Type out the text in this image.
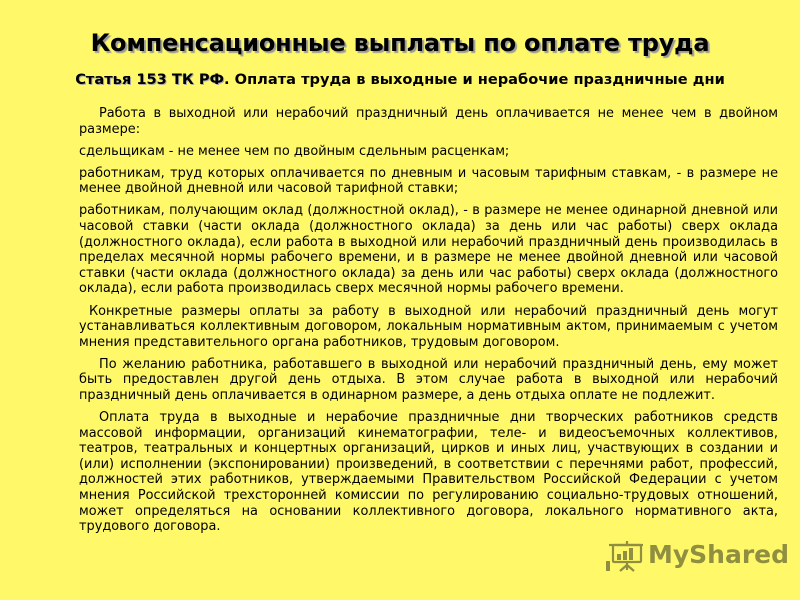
Компенсационные выплаты по оплате труда
Статья 153 ТК РФ. Оплата труда в выходные и нерабочие праздничные дни

Работа в выходной или нерабочий праздничный день оплачивается не менее чем в двойном размере:

сдельщикам - не менее чем по двойным сдельным расценкам;

работникам, труд которых оплачивается по дневным и часовым тарифным ставкам, - в размере не менее двойной дневной или часовой тарифной ставки;

работникам, получающим оклад (должностной оклад), - в размере не менее одинарной дневной или часовой ставки (части оклада (должностного оклада) за день или час работы) сверх оклада (должностного оклада), если работа в выходной или нерабочий праздничный день производилась в пределах месячной нормы рабочего времени, и в размере не менее двойной дневной или часовой ставки (части оклада (должностного оклада) за день или час работы) сверх оклада (должностного оклада), если работа производилась сверх месячной нормы рабочего времени.

Конкретные размеры оплаты за работу в выходной или нерабочий праздничный день могут устанавливаться коллективным договором, локальным нормативным актом, принимаемым с учетом мнения представительного органа работников, трудовым договором.

По желанию работника, работавшего в выходной или нерабочий праздничный день, ему может быть предоставлен другой день отдыха. В этом случае работа в выходной или нерабочий праздничный день оплачивается в одинарном размере, а день отдыха оплате не подлежит.

Оплата труда в выходные и нерабочие праздничные дни творческих работников средств массовой информации, организаций кинематографии, теле- и видеосъемочных коллективов, театров, театральных и концертных организаций, цирков и иных лиц, участвующих в создании и (или) исполнении (экспонировании) произведений, в соответствии с перечнями работ, профессий, должностей этих работников, утверждаемыми Правительством Российской Федерации с учетом мнения Российской трехсторонней комиссии по регулированию социально-трудовых отношений, может определяться на основании коллективного договора, локального нормативного акта, трудового договора.

MyShared
